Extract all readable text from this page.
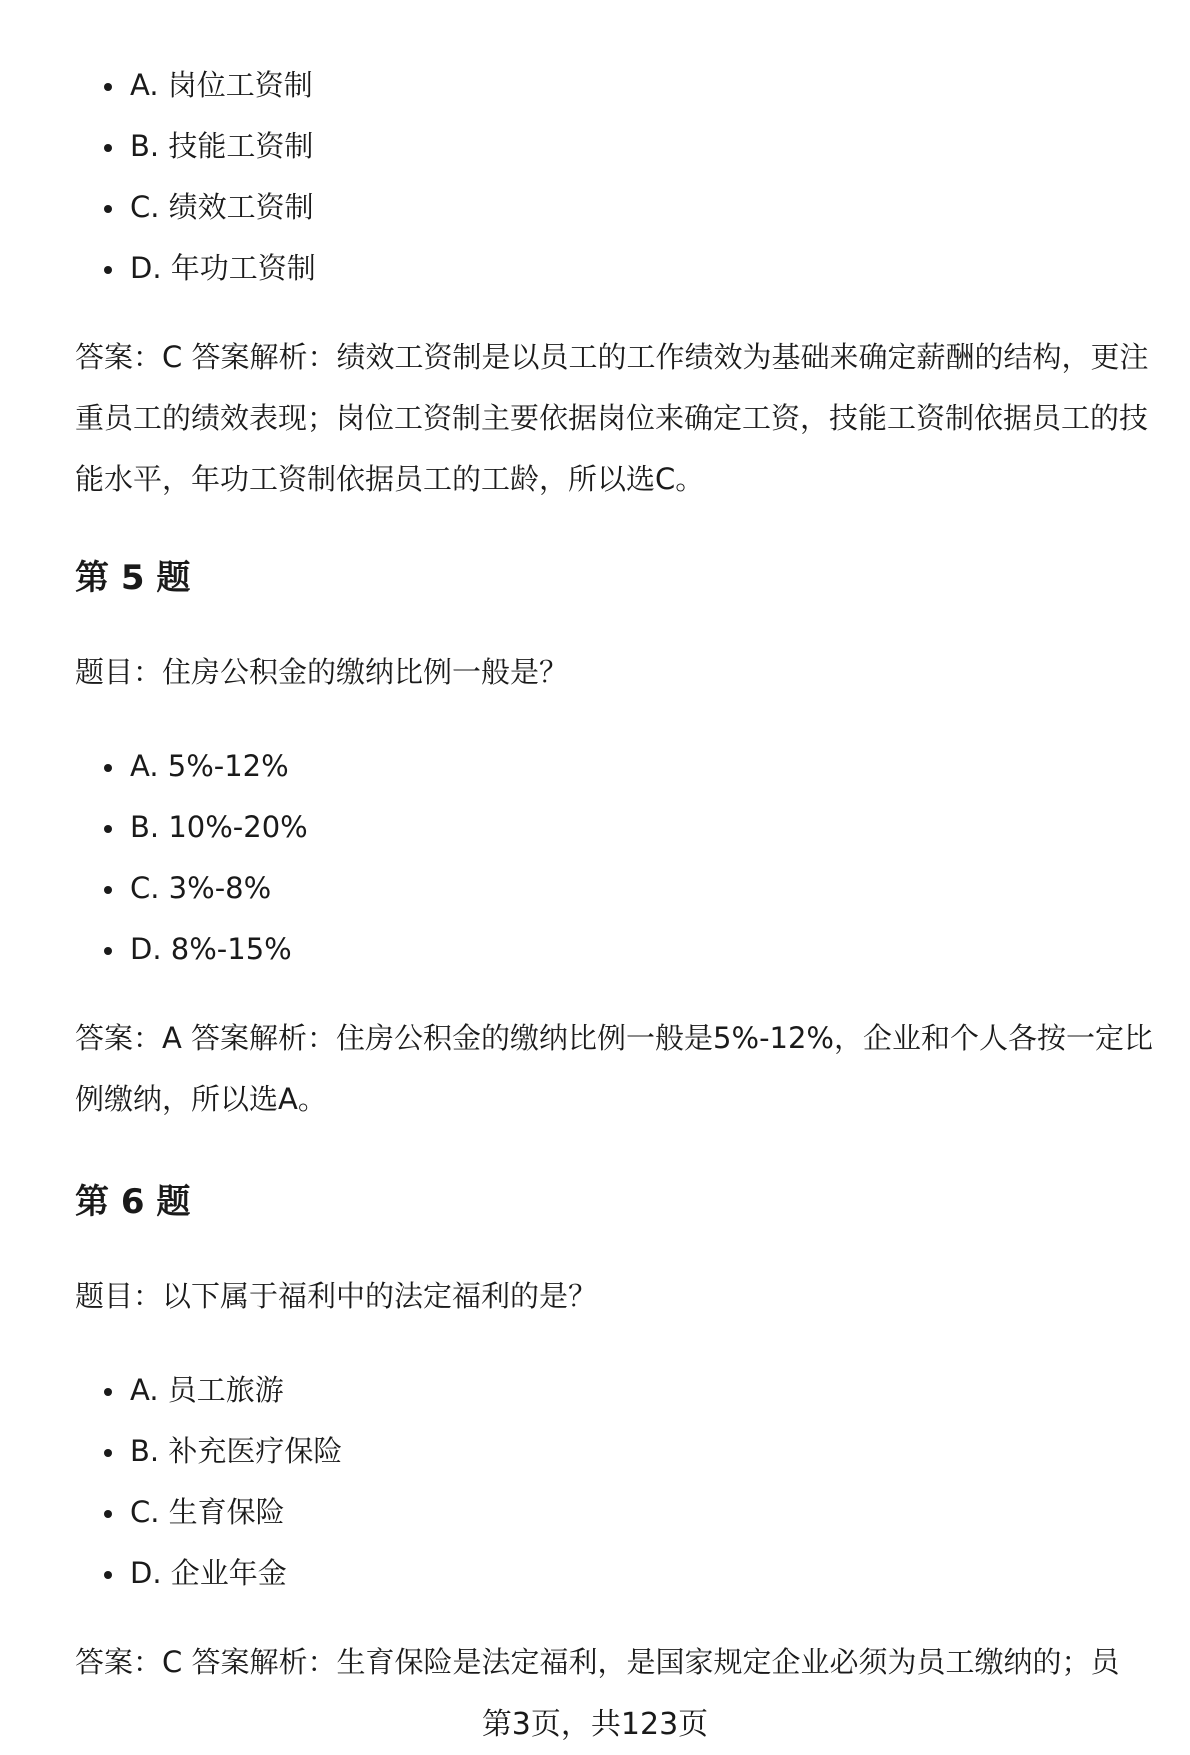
A. 岗位工资制
B. 技能工资制
C. 绩效工资制
D. 年功工资制

答案：C 答案解析：绩效工资制是以员工的工作绩效为基础来确定薪酬的结构，更注重员工的绩效表现；岗位工资制主要依据岗位来确定工资，技能工资制依据员工的技能水平，年功工资制依据员工的工龄，所以选C。

第 5 题

题目：住房公积金的缴纳比例一般是？

A. 5%-12%
B. 10%-20%
C. 3%-8%
D. 8%-15%

答案：A 答案解析：住房公积金的缴纳比例一般是5%-12%，企业和个人各按一定比例缴纳，所以选A。

第 6 题

题目：以下属于福利中的法定福利的是？

A. 员工旅游
B. 补充医疗保险
C. 生育保险
D. 企业年金

答案：C 答案解析：生育保险是法定福利，是国家规定企业必须为员工缴纳的；员

第3页，共123页
